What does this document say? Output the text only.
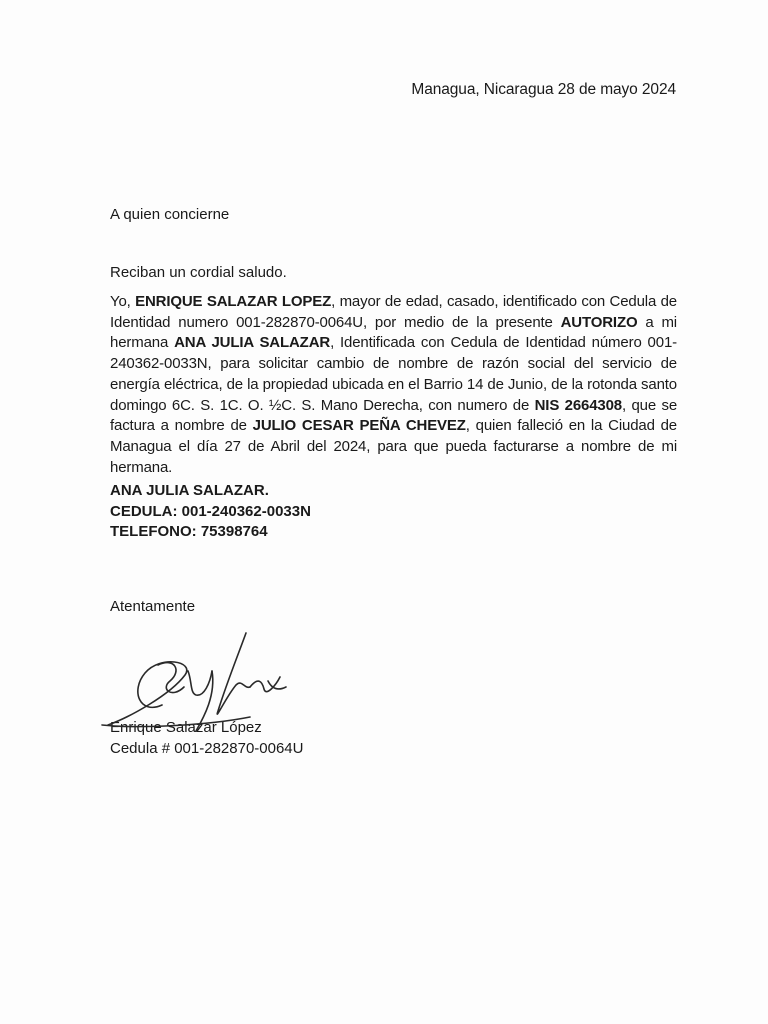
Managua, Nicaragua 28 de mayo 2024
A quien concierne
Reciban un cordial saludo.

Yo, ENRIQUE SALAZAR LOPEZ, mayor de edad, casado, identificado con Cedula de Identidad numero 001-282870-0064U, por medio de la presente AUTORIZO a mi hermana ANA JULIA SALAZAR, Identificada con Cedula de Identidad número 001-240362-0033N, para solicitar cambio de nombre de razón social del servicio de energía eléctrica, de la propiedad ubicada en el Barrio 14 de Junio, de la rotonda santo domingo 6C. S. 1C. O. ½C. S. Mano Derecha, con numero de NIS 2664308, que se factura a nombre de JULIO CESAR PEÑA CHEVEZ, quien falleció en la Ciudad de Managua el día 27 de Abril del 2024, para que pueda facturarse a nombre de mi hermana.

ANA JULIA SALAZAR.
CEDULA: 001-240362-0033N
TELEFONO: 75398764
Atentamente
Enrique Salazar López
Cedula # 001-282870-0064U
